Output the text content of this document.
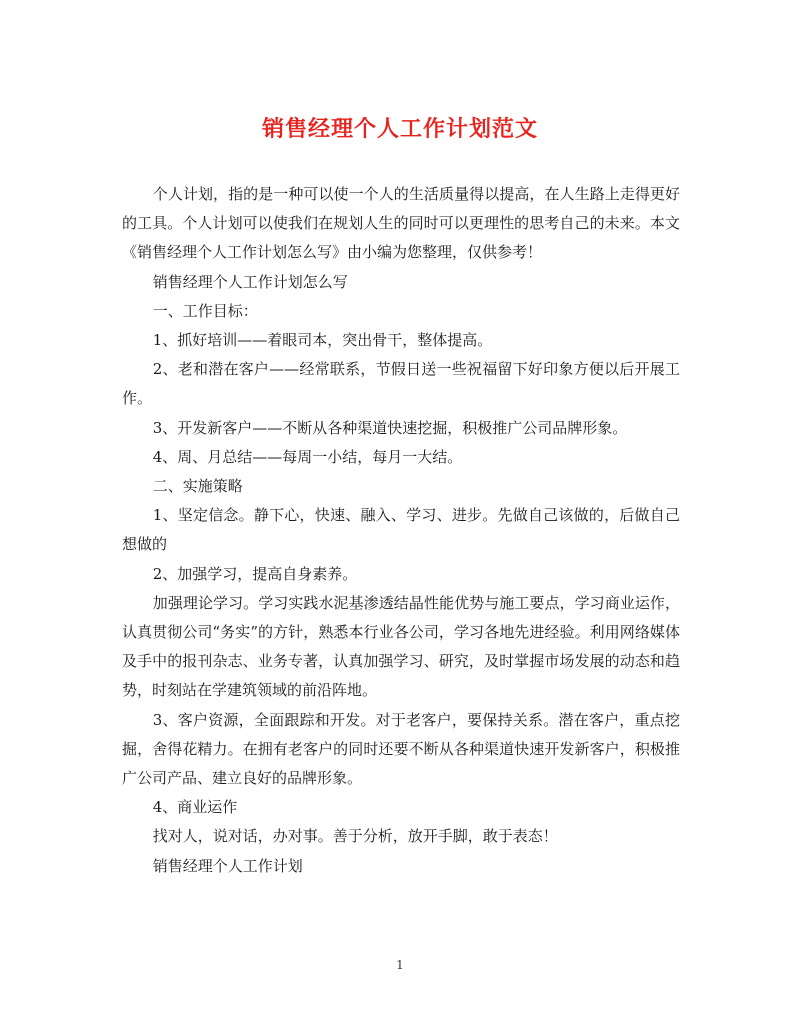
销售经理个人工作计划范文

个人计划，指的是一种可以使一个人的生活质量得以提高，在人生路上走得更好的工具。个人计划可以使我们在规划人生的同时可以更理性的思考自己的未来。本文《销售经理个人工作计划怎么写》由小编为您整理，仅供参考！

销售经理个人工作计划怎么写

一、工作目标：

1、抓好培训——着眼司本，突出骨干，整体提高。

2、老和潜在客户——经常联系，节假日送一些祝福留下好印象方便以后开展工作。

3、开发新客户——不断从各种渠道快速挖掘，积极推广公司品牌形象。

4、周、月总结——每周一小结，每月一大结。

二、实施策略

1、坚定信念。静下心，快速、融入、学习、进步。先做自己该做的，后做自己想做的

2、加强学习，提高自身素养。

加强理论学习。学习实践水泥基渗透结晶性能优势与施工要点，学习商业运作，认真贯彻公司“务实”的方针，熟悉本行业各公司，学习各地先进经验。利用网络媒体及手中的报刊杂志、业务专著，认真加强学习、研究，及时掌握市场发展的动态和趋势，时刻站在学建筑领域的前沿阵地。

3、客户资源，全面跟踪和开发。对于老客户，要保持关系。潜在客户，重点挖掘，舍得花精力。在拥有老客户的同时还要不断从各种渠道快速开发新客户，积极推广公司产品、建立良好的品牌形象。

4、商业运作

找对人，说对话，办对事。善于分析，放开手脚，敢于表态！

销售经理个人工作计划

1
